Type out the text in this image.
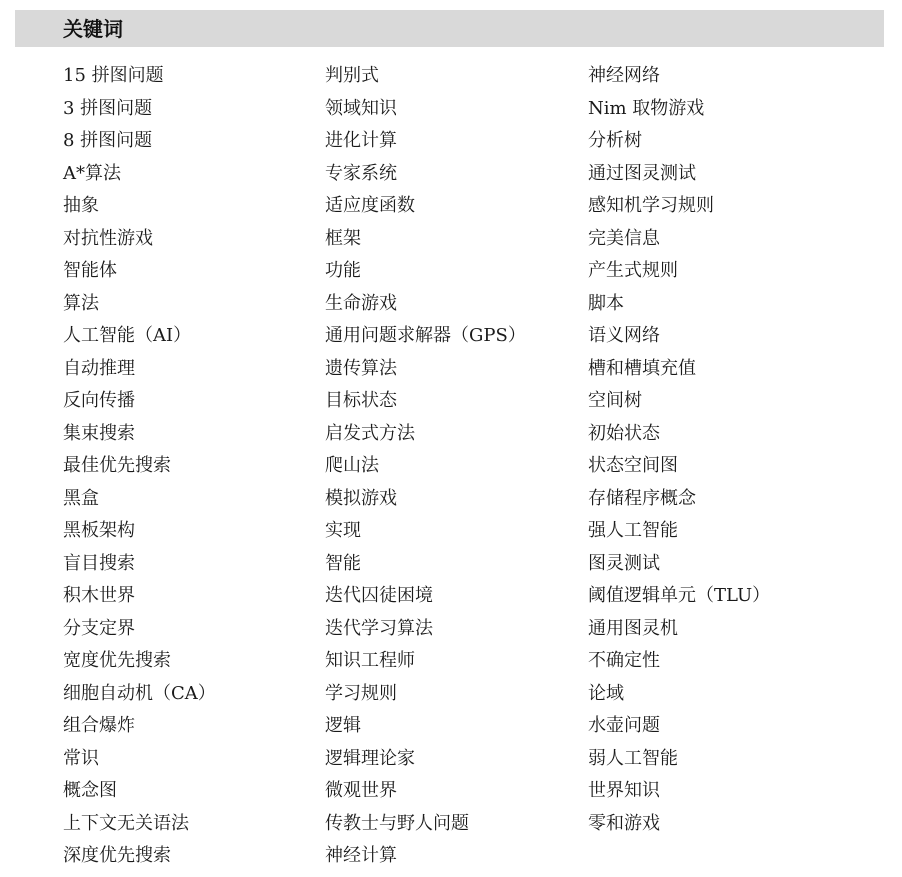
关键词
15 拼图问题
3 拼图问题
8 拼图问题
A*算法
抽象
对抗性游戏
智能体
算法
人工智能（AI）
自动推理
反向传播
集束搜索
最佳优先搜索
黑盒
黑板架构
盲目搜索
积木世界
分支定界
宽度优先搜索
细胞自动机（CA）
组合爆炸
常识
概念图
上下文无关语法
深度优先搜索
判别式
领域知识
进化计算
专家系统
适应度函数
框架
功能
生命游戏
通用问题求解器（GPS）
遗传算法
目标状态
启发式方法
爬山法
模拟游戏
实现
智能
迭代囚徒困境
迭代学习算法
知识工程师
学习规则
逻辑
逻辑理论家
微观世界
传教士与野人问题
神经计算
神经网络
Nim 取物游戏
分析树
通过图灵测试
感知机学习规则
完美信息
产生式规则
脚本
语义网络
槽和槽填充值
空间树
初始状态
状态空间图
存储程序概念
强人工智能
图灵测试
阈值逻辑单元（TLU）
通用图灵机
不确定性
论域
水壶问题
弱人工智能
世界知识
零和游戏
